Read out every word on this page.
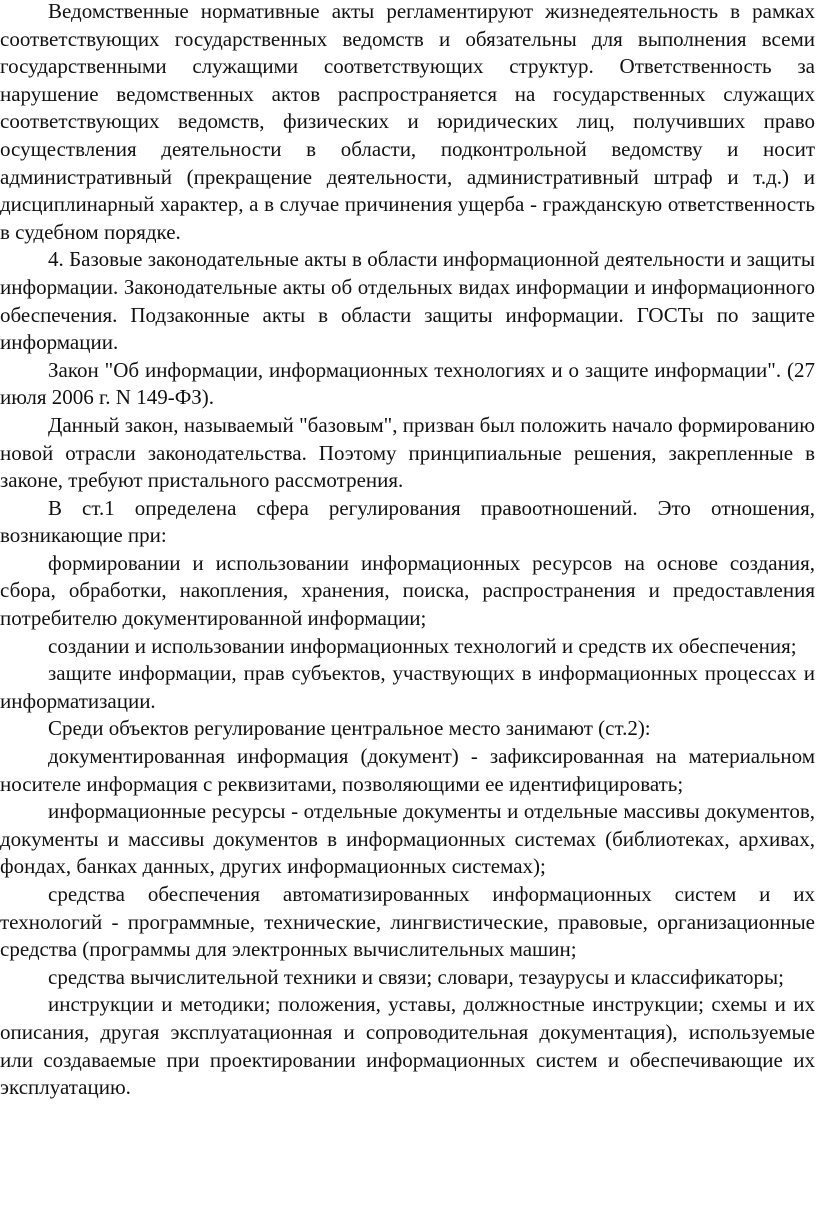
Ведомственные нормативные акты регламентируют жизнедеятельность в рамках соответствующих государственных ведомств и обязательны для выполнения всеми государственными служащими соответствующих структур. Ответственность за нарушение ведомственных актов распространяется на государственных служащих соответствующих ведомств, физических и юридических лиц, получивших право осуществления деятельности в области, подконтрольной ведомству и носит административный (прекращение деятельности, административный штраф и т.д.) и дисциплинарный характер, а в случае причинения ущерба - гражданскую ответственность в судебном порядке.

4. Базовые законодательные акты в области информационной деятельности и защиты информации. Законодательные акты об отдельных видах информации и информационного обеспечения. Подзаконные акты в области защиты информации. ГОСТы по защите информации.

Закон "Об информации, информационных технологиях и о защите информации". (27 июля 2006 г. N 149-ФЗ).

Данный закон, называемый "базовым", призван был положить начало формированию новой отрасли законодательства. Поэтому принципиальные решения, закрепленные в законе, требуют пристального рассмотрения.

В ст.1 определена сфера регулирования правоотношений. Это отношения, возникающие при:

формировании и использовании информационных ресурсов на основе создания, сбора, обработки, накопления, хранения, поиска, распространения и предоставления потребителю документированной информации;

создании и использовании информационных технологий и средств их обеспечения;

защите информации, прав субъектов, участвующих в информационных процессах и информатизации.

Среди объектов регулирование центральное место занимают (ст.2):

документированная информация (документ) - зафиксированная на материальном носителе информация с реквизитами, позволяющими ее идентифицировать;

информационные ресурсы - отдельные документы и отдельные массивы документов, документы и массивы документов в информационных системах (библиотеках, архивах, фондах, банках данных, других информационных системах);

средства обеспечения автоматизированных информационных систем и их технологий - программные, технические, лингвистические, правовые, организационные средства (программы для электронных вычислительных машин;

средства вычислительной техники и связи; словари, тезаурусы и классификаторы;

инструкции и методики; положения, уставы, должностные инструкции; схемы и их описания, другая эксплуатационная и сопроводительная документация), используемые или создаваемые при проектировании информационных систем и обеспечивающие их эксплуатацию.
